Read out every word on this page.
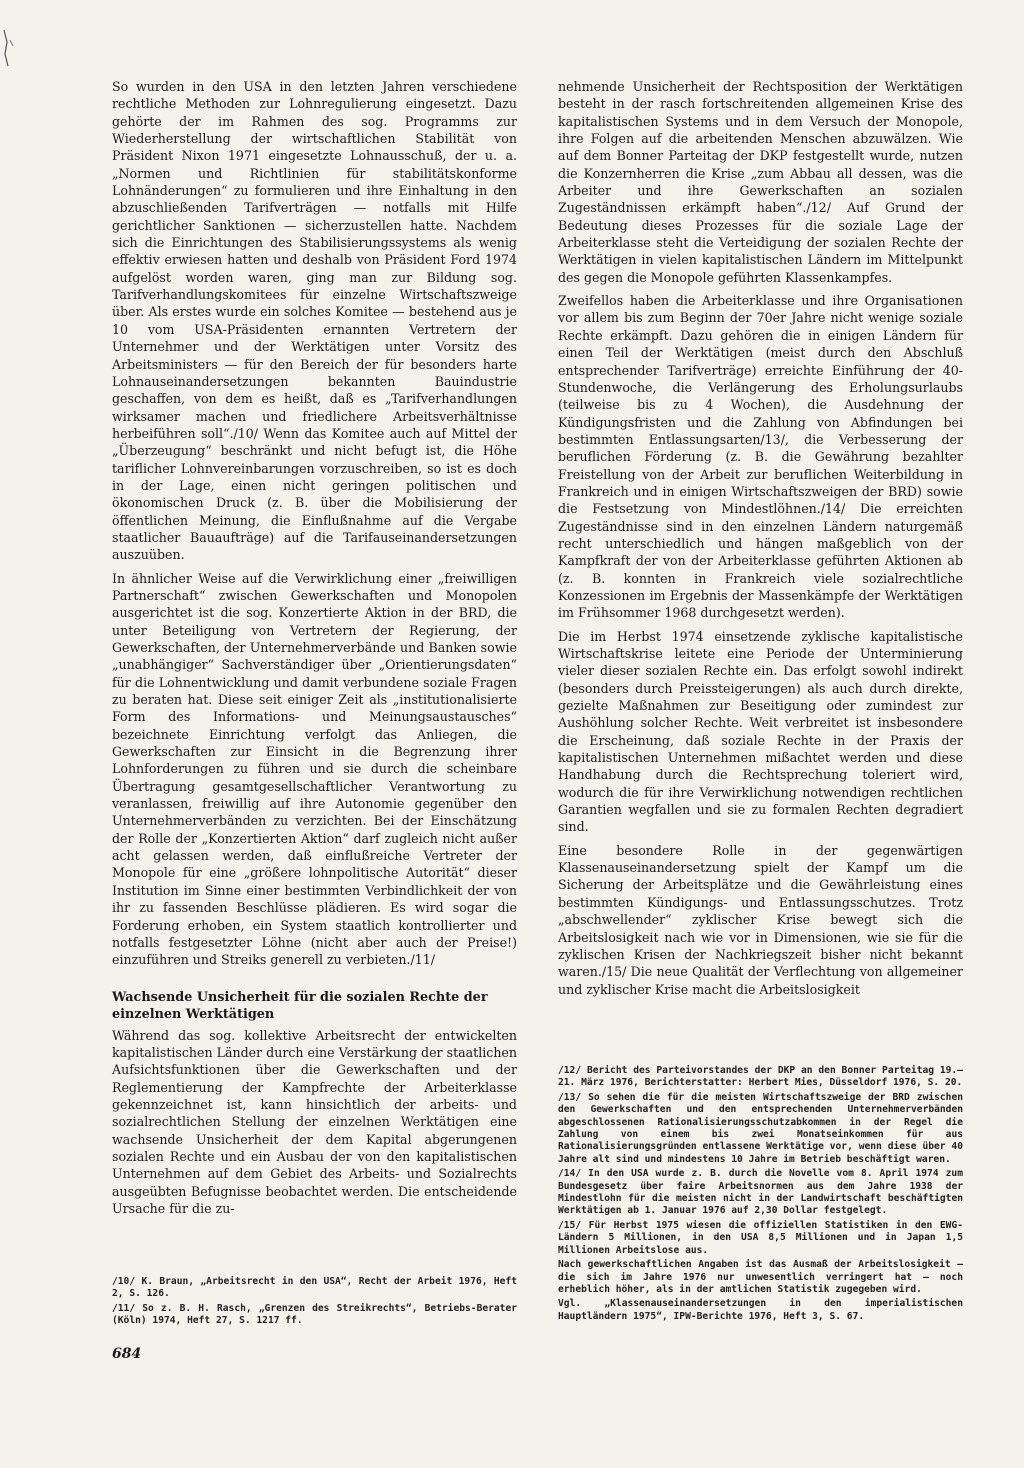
So wurden in den USA in den letzten Jahren verschiedene rechtliche Methoden zur Lohnregulierung eingesetzt. Dazu gehörte der im Rahmen des sog. Programms zur Wiederherstellung der wirtschaftlichen Stabilität von Präsident Nixon 1971 eingesetzte Lohnausschuß, der u. a. „Normen und Richtlinien für stabilitätskonforme Lohnänderungen“ zu formulieren und ihre Einhaltung in den abzuschließenden Tarifverträgen — notfalls mit Hilfe gerichtlicher Sanktionen — sicherzustellen hatte. Nachdem sich die Einrichtungen des Stabilisierungssystems als wenig effektiv erwiesen hatten und deshalb von Präsident Ford 1974 aufgelöst worden waren, ging man zur Bildung sog. Tarifverhandlungskomitees für einzelne Wirtschaftszweige über. Als erstes wurde ein solches Komitee — bestehend aus je 10 vom USA-Präsidenten ernannten Vertretern der Unternehmer und der Werktätigen unter Vorsitz des Arbeitsministers — für den Bereich der für besonders harte Lohnauseinandersetzungen bekannten Bauindustrie geschaffen, von dem es heißt, daß es „Tarifverhandlungen wirksamer machen und friedlichere Arbeitsverhältnisse herbeiführen soll“./10/ Wenn das Komitee auch auf Mittel der „Überzeugung“ beschränkt und nicht befugt ist, die Höhe tariflicher Lohnvereinbarungen vorzuschreiben, so ist es doch in der Lage, einen nicht geringen politischen und ökonomischen Druck (z. B. über die Mobilisierung der öffentlichen Meinung, die Einflußnahme auf die Vergabe staatlicher Bauaufträge) auf die Tarifauseinandersetzungen auszuüben.

In ähnlicher Weise auf die Verwirklichung einer „freiwilligen Partnerschaft“ zwischen Gewerkschaften und Monopolen ausgerichtet ist die sog. Konzertierte Aktion in der BRD, die unter Beteiligung von Vertretern der Regierung, der Gewerkschaften, der Unternehmerverbände und Banken sowie „unabhängiger“ Sachverständiger über „Orientierungsdaten“ für die Lohnentwicklung und damit verbundene soziale Fragen zu beraten hat. Diese seit einiger Zeit als „institutionalisierte Form des Informations- und Meinungsaustausches“ bezeichnete Einrichtung verfolgt das Anliegen, die Gewerkschaften zur Einsicht in die Begrenzung ihrer Lohnforderungen zu führen und sie durch die scheinbare Übertragung gesamtgesellschaftlicher Verantwortung zu veranlassen, freiwillig auf ihre Autonomie gegenüber den Unternehmerverbänden zu verzichten. Bei der Einschätzung der Rolle der „Konzertierten Aktion“ darf zugleich nicht außer acht gelassen werden, daß einflußreiche Vertreter der Monopole für eine „größere lohnpolitische Autorität“ dieser Institution im Sinne einer bestimmten Verbindlichkeit der von ihr zu fassenden Beschlüsse plädieren. Es wird sogar die Forderung erhoben, ein System staatlich kontrollierter und notfalls festgesetzter Löhne (nicht aber auch der Preise!) einzuführen und Streiks generell zu verbieten./11/

Wachsende Unsicherheit für die sozialen Rechte der einzelnen Werktätigen

Während das sog. kollektive Arbeitsrecht der entwickelten kapitalistischen Länder durch eine Verstärkung der staatlichen Aufsichtsfunktionen über die Gewerkschaften und der Reglementierung der Kampfrechte der Arbeiterklasse gekennzeichnet ist, kann hinsichtlich der arbeits- und sozialrechtlichen Stellung der einzelnen Werktätigen eine wachsende Unsicherheit der dem Kapital abgerungenen sozialen Rechte und ein Ausbau der von den kapitalistischen Unternehmen auf dem Gebiet des Arbeits- und Sozialrechts ausgeübten Befugnisse beobachtet werden. Die entscheidende Ursache für die zu-

/10/ K. Braun, „Arbeitsrecht in den USA“, Recht der Arbeit 1976, Heft 2, S. 126.

/11/ So z. B. H. Rasch, „Grenzen des Streikrechts“, Betriebs-Berater (Köln) 1974, Heft 27, S. 1217 ff.

nehmende Unsicherheit der Rechtsposition der Werktätigen besteht in der rasch fortschreitenden allgemeinen Krise des kapitalistischen Systems und in dem Versuch der Monopole, ihre Folgen auf die arbeitenden Menschen abzuwälzen. Wie auf dem Bonner Parteitag der DKP festgestellt wurde, nutzen die Konzernherren die Krise „zum Abbau all dessen, was die Arbeiter und ihre Gewerkschaften an sozialen Zugeständnissen erkämpft haben“./12/ Auf Grund der Bedeutung dieses Prozesses für die soziale Lage der Arbeiterklasse steht die Verteidigung der sozialen Rechte der Werktätigen in vielen kapitalistischen Ländern im Mittelpunkt des gegen die Monopole geführten Klassenkampfes.

Zweifellos haben die Arbeiterklasse und ihre Organisationen vor allem bis zum Beginn der 70er Jahre nicht wenige soziale Rechte erkämpft. Dazu gehören die in einigen Ländern für einen Teil der Werktätigen (meist durch den Abschluß entsprechender Tarifverträge) erreichte Einführung der 40-Stundenwoche, die Verlängerung des Erholungsurlaubs (teilweise bis zu 4 Wochen), die Ausdehnung der Kündigungsfristen und die Zahlung von Abfindungen bei bestimmten Entlassungsarten/13/, die Verbesserung der beruflichen Förderung (z. B. die Gewährung bezahlter Freistellung von der Arbeit zur beruflichen Weiterbildung in Frankreich und in einigen Wirtschaftszweigen der BRD) sowie die Festsetzung von Mindestlöhnen./14/ Die erreichten Zugeständnisse sind in den einzelnen Ländern naturgemäß recht unterschiedlich und hängen maßgeblich von der Kampfkraft der von der Arbeiterklasse geführten Aktionen ab (z. B. konnten in Frankreich viele sozialrechtliche Konzessionen im Ergebnis der Massenkämpfe der Werktätigen im Frühsommer 1968 durchgesetzt werden).

Die im Herbst 1974 einsetzende zyklische kapitalistische Wirtschaftskrise leitete eine Periode der Unterminierung vieler dieser sozialen Rechte ein. Das erfolgt sowohl indirekt (besonders durch Preissteigerungen) als auch durch direkte, gezielte Maßnahmen zur Beseitigung oder zumindest zur Aushöhlung solcher Rechte. Weit verbreitet ist insbesondere die Erscheinung, daß soziale Rechte in der Praxis der kapitalistischen Unternehmen mißachtet werden und diese Handhabung durch die Rechtsprechung toleriert wird, wodurch die für ihre Verwirklichung notwendigen rechtlichen Garantien wegfallen und sie zu formalen Rechten degradiert sind.

Eine besondere Rolle in der gegenwärtigen Klassenauseinandersetzung spielt der Kampf um die Sicherung der Arbeitsplätze und die Gewährleistung eines bestimmten Kündigungs- und Entlassungsschutzes. Trotz „abschwellender“ zyklischer Krise bewegt sich die Arbeitslosigkeit nach wie vor in Dimensionen, wie sie für die zyklischen Krisen der Nachkriegszeit bisher nicht bekannt waren./15/ Die neue Qualität der Verflechtung von allgemeiner und zyklischer Krise macht die Arbeitslosigkeit

/12/ Bericht des Parteivorstandes der DKP an den Bonner Parteitag 19.—21. März 1976, Berichterstatter: Herbert Mies, Düsseldorf 1976, S. 20.

/13/ So sehen die für die meisten Wirtschaftszweige der BRD zwischen den Gewerkschaften und den entsprechenden Unternehmerverbänden abgeschlossenen Rationalisierungsschutzabkommen in der Regel die Zahlung von einem bis zwei Monatseinkommen für aus Rationalisierungsgründen entlassene Werktätige vor, wenn diese über 40 Jahre alt sind und mindestens 10 Jahre im Betrieb beschäftigt waren.

/14/ In den USA wurde z. B. durch die Novelle vom 8. April 1974 zum Bundesgesetz über faire Arbeitsnormen aus dem Jahre 1938 der Mindestlohn für die meisten nicht in der Landwirtschaft beschäftigten Werktätigen ab 1. Januar 1976 auf 2,30 Dollar festgelegt.

/15/ Für Herbst 1975 wiesen die offiziellen Statistiken in den EWG-Ländern 5 Millionen, in den USA 8,5 Millionen und in Japan 1,5 Millionen Arbeitslose aus.

Nach gewerkschaftlichen Angaben ist das Ausmaß der Arbeitslosigkeit — die sich im Jahre 1976 nur unwesentlich verringert hat — noch erheblich höher, als in der amtlichen Statistik zugegeben wird.

Vgl. „Klassenauseinandersetzungen in den imperialistischen Hauptländern 1975“, IPW-Berichte 1976, Heft 3, S. 67.

684
